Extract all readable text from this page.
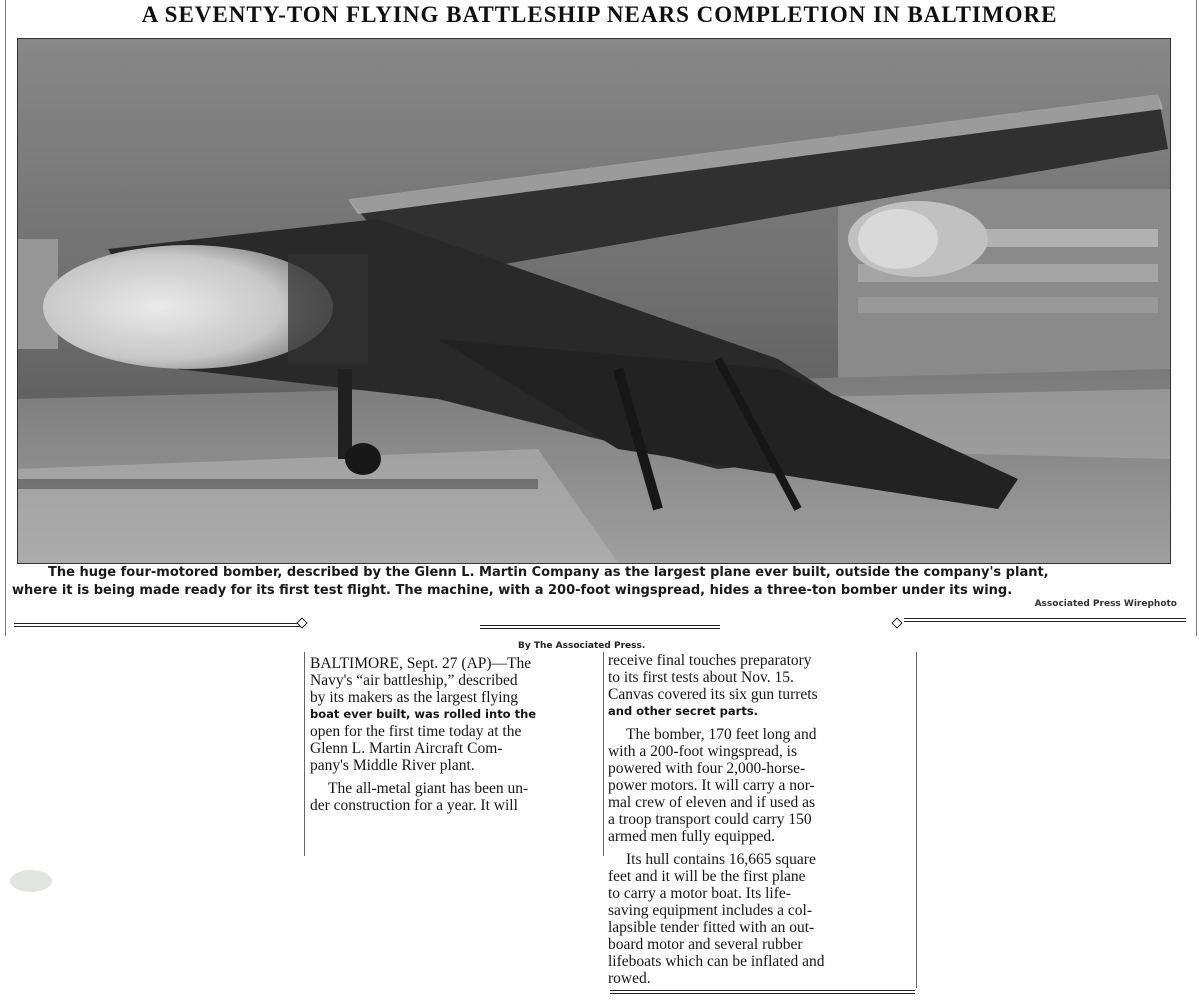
A SEVENTY-TON FLYING BATTLESHIP NEARS COMPLETION IN BALTIMORE
The huge four-motored bomber, described by the Glenn L. Martin Company as the largest plane ever built, outside the company's plant,
where it is being made ready for its first test flight. The machine, with a 200-foot wingspread, hides a three-ton bomber under its wing.
Associated Press Wirephoto
By The Associated Press.

BALTIMORE, Sept. 27 (AP)—The

Navy's “air battleship,” described

by its makers as the largest flying

boat ever built, was rolled into the

open for the first time today at the

Glenn L. Martin Aircraft Com-

pany's Middle River plant.

The all-metal giant has been un-

der construction for a year. It will

receive final touches preparatory

to its first tests about Nov. 15.

Canvas covered its six gun turrets

and other secret parts.

The bomber, 170 feet long and

with a 200-foot wingspread, is

powered with four 2,000-horse-

power motors. It will carry a nor-

mal crew of eleven and if used as

a troop transport could carry 150

armed men fully equipped.

Its hull contains 16,665 square

feet and it will be the first plane

to carry a motor boat. Its life-

saving equipment includes a col-

lapsible tender fitted with an out-

board motor and several rubber

lifeboats which can be inflated and

rowed.
